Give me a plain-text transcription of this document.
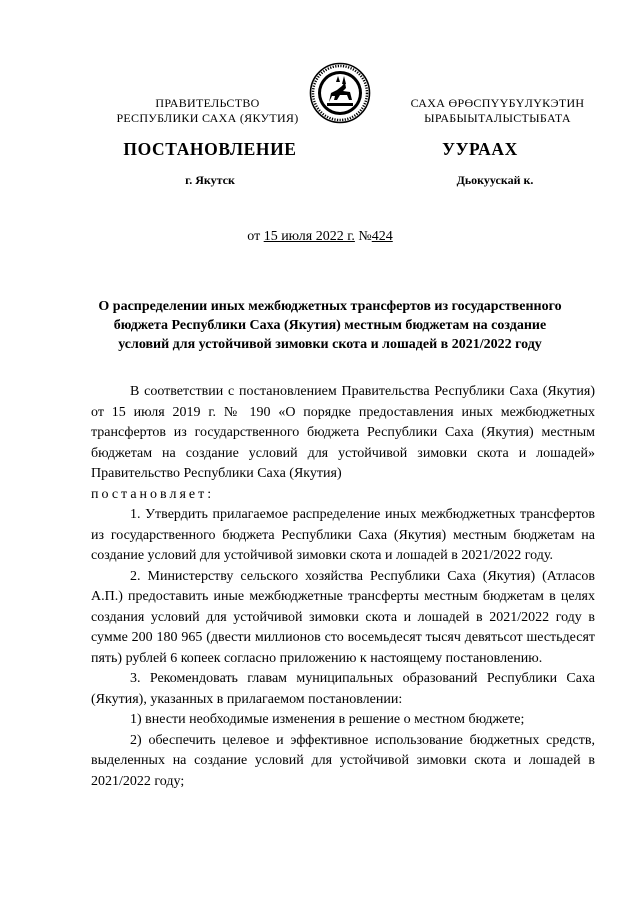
ПРАВИТЕЛЬСТВО
РЕСПУБЛИКИ САХА (ЯКУТИЯ)
САХА ӨРӨСПҮҮБҮЛҮКЭТИН
ЫРАБЫЫТАЛЫСТЫБАТА
ПОСТАНОВЛЕНИЕ	УУРААХ
г. Якутск	Дьокуускай к.
от 15 июля 2022 г. №424
О распределении иных межбюджетных трансфертов из государственного
бюджета Республики Саха (Якутия) местным бюджетам на создание
условий для устойчивой зимовки скота и лошадей в 2021/2022 году

В соответствии с постановлением Правительства Республики Саха (Якутия) от 15 июля 2019 г. № 190 «О порядке предоставления иных межбюджетных трансфертов из государственного бюджета Республики Саха (Якутия) местным бюджетам на создание условий для устойчивой зимовки скота и лошадей» Правительство Республики Саха (Якутия)

постановляет:

1. Утвердить прилагаемое распределение иных межбюджетных трансфертов из государственного бюджета Республики Саха (Якутия) местным бюджетам на создание условий для устойчивой зимовки скота и лошадей в 2021/2022 году.

2. Министерству сельского хозяйства Республики Саха (Якутия) (Атласов А.П.) предоставить иные межбюджетные трансферты местным бюджетам в целях создания условий для устойчивой зимовки скота и лошадей в 2021/2022 году в сумме 200 180 965 (двести миллионов сто восемьдесят тысяч девятьсот шестьдесят пять) рублей 6 копеек согласно приложению к настоящему постановлению.

3. Рекомендовать главам муниципальных образований Республики Саха (Якутия), указанных в прилагаемом постановлении:

1) внести необходимые изменения в решение о местном бюджете;

2) обеспечить целевое и эффективное использование бюджетных средств, выделенных на создание условий для устойчивой зимовки скота и лошадей в 2021/2022 году;
